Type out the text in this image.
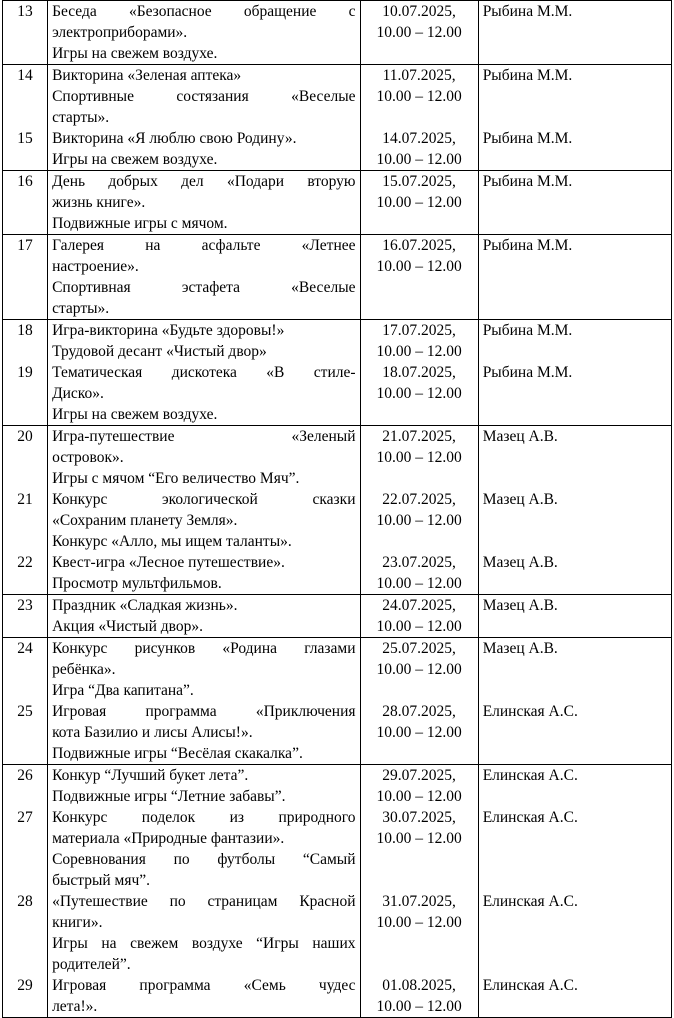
13	Беседа «Безопасное обращение с
электроприборами».
Игры на свежем воздухе.	10.07.2025,
10.00 – 12.00	Рыбина М.М.
14	Викторина «Зеленая аптека»
Спортивные состязания «Веселые
старты».	11.07.2025,
10.00 – 12.00	Рыбина М.М.
15	Викторина «Я люблю свою Родину».
Игры на свежем воздухе.	14.07.2025,
10.00 – 12.00	Рыбина М.М.
16	День добрых дел «Подари вторую
жизнь книге».
Подвижные игры с мячом.	15.07.2025,
10.00 – 12.00	Рыбина М.М.
17	Галерея на асфальте «Летнее
настроение».
Спортивная эстафета «Веселые
старты».	16.07.2025,
10.00 – 12.00	Рыбина М.М.
18	Игра-викторина «Будьте здоровы!»
Трудовой десант «Чистый двор»	17.07.2025,
10.00 – 12.00	Рыбина М.М.
19	Тематическая дискотека «В стиле-
Диско».
Игры на свежем воздухе.	18.07.2025,
10.00 – 12.00	Рыбина М.М.
20	Игра-путешествие «Зеленый
островок».
Игры с мячом “Его величество Мяч”.	21.07.2025,
10.00 – 12.00	Мазец А.В.
21	Конкурс экологической сказки
«Сохраним планету Земля».
Конкурс «Алло, мы ищем таланты».	22.07.2025,
10.00 – 12.00	Мазец А.В.
22	Квест-игра «Лесное путешествие».
Просмотр мультфильмов.	23.07.2025,
10.00 – 12.00	Мазец А.В.
23	Праздник «Сладкая жизнь».
Акция «Чистый двор».	24.07.2025,
10.00 – 12.00	Мазец А.В.
24	Конкурс рисунков «Родина глазами
ребёнка».
Игра “Два капитана”.	25.07.2025,
10.00 – 12.00	Мазец А.В.
25	Игровая программа «Приключения
кота Базилио и лисы Алисы!».
Подвижные игры “Весёлая скакалка”.	28.07.2025,
10.00 – 12.00	Елинская А.С.
26	Конкур “Лучший букет лета”.
Подвижные игры “Летние забавы”.	29.07.2025,
10.00 – 12.00	Елинская А.С.
27	Конкурс поделок из природного
материала «Природные фантазии».
Соревнования по футболы “Самый
быстрый мяч”.	30.07.2025,
10.00 – 12.00	Елинская А.С.
28	«Путешествие по страницам Красной
книги».
Игры на свежем воздухе “Игры наших
родителей”.	31.07.2025,
10.00 – 12.00	Елинская А.С.
29	Игровая программа «Семь чудес
лета!».	01.08.2025,
10.00 – 12.00	Елинская А.С.
